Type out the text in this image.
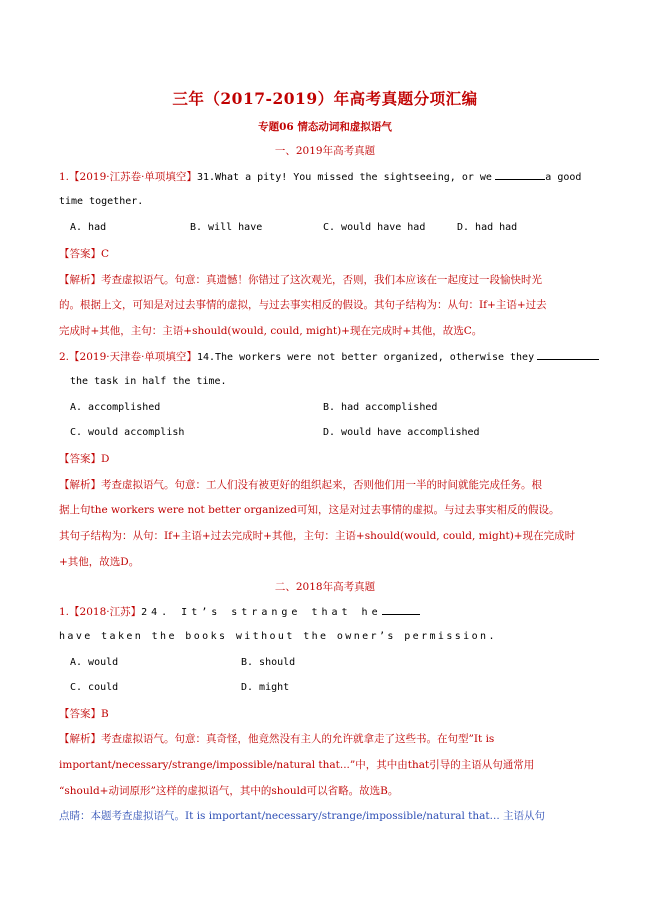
三年（2017-2019）年高考真题分项汇编
专题06 情态动词和虚拟语气
一、2019年高考真题
1.【2019·江苏卷·单项填空】31.What a pity! You missed the sightseeing, or we	a good
time together.
A. had	B. will have	C. would have had	D. had had
【答案】C
【解析】考查虚拟语气。句意：真遗憾！你错过了这次观光，否则，我们本应该在一起度过一段愉快时光
的。根据上文，可知是对过去事情的虚拟，与过去事实相反的假设。其句子结构为：从句：If+主语+过去
完成时+其他，主句：主语+should(would, could, might)+现在完成时+其他，故选C。
2.【2019·天津卷·单项填空】14.The workers were not better organized, otherwise they
the task in half the time.
A. accomplished	B. had accomplished
C. would accomplish	D. would have accomplished
【答案】D
【解析】考查虚拟语气。句意：工人们没有被更好的组织起来，否则他们用一半的时间就能完成任务。根
据上句the workers were not better organized可知，这是对过去事情的虚拟。与过去事实相反的假设。
其句子结构为：从句：If+主语+过去完成时+其他，主句：主语+should(would, could, might)+现在完成时
+其他，故选D。
二、2018年高考真题
1.【2018·江苏】24. It’s strange that he
have taken the books without the owner’s permission.
A. would	B. should
C. could	D. might
【答案】B
【解析】考查虚拟语气。句意：真奇怪，他竟然没有主人的允许就拿走了这些书。在句型”It is
important/necessary/strange/impossible/natural that...”中，其中由that引导的主语从句通常用
“should+动词原形”这样的虚拟语气，其中的should可以省略。故选B。
点睛：本题考查虚拟语气。It is important/necessary/strange/impossible/natural that... 主语从句
